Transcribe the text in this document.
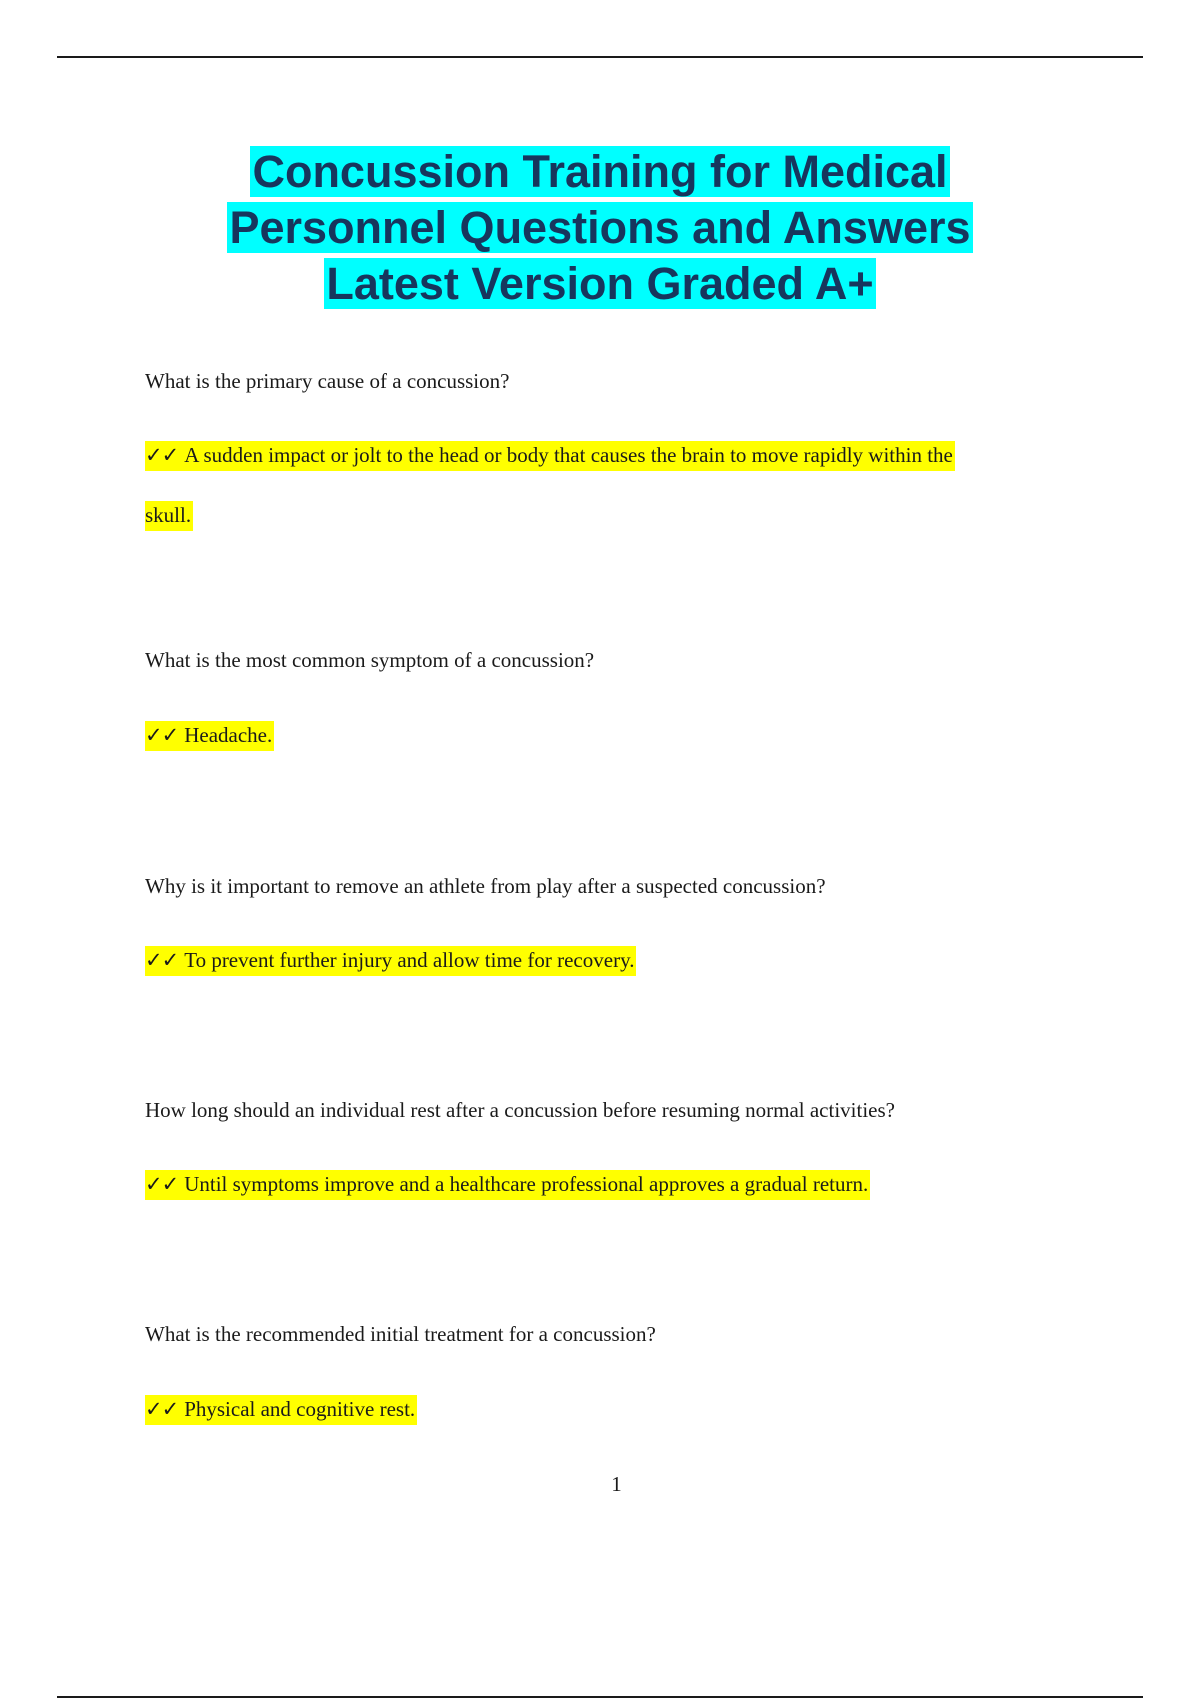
Concussion Training for Medical
Personnel Questions and Answers
Latest Version Graded A+
What is the primary cause of a concussion?
✓✓ A sudden impact or jolt to the head or body that causes the brain to move rapidly within the
skull.
What is the most common symptom of a concussion?
✓✓ Headache.
Why is it important to remove an athlete from play after a suspected concussion?
✓✓ To prevent further injury and allow time for recovery.
How long should an individual rest after a concussion before resuming normal activities?
✓✓ Until symptoms improve and a healthcare professional approves a gradual return.
What is the recommended initial treatment for a concussion?
✓✓ Physical and cognitive rest.
1
